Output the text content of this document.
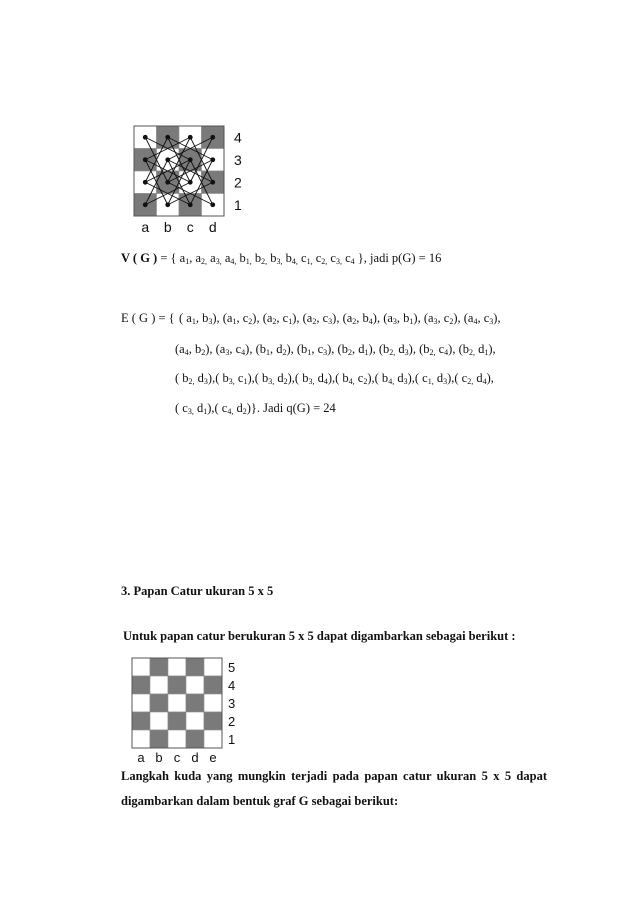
4
3
2
1
a b c d
V ( G ) = { $a_1$, $a_{2,}$ $a_{3,}$ $a_{4,}$ $b_{1,}$ $b_{2,}$ $b_{3,}$ $b_{4,}$ $c_{1,}$ $c_{2,}$ $c_{3,}$ $c_4$ }, jadi p(G) = 16
E ( G ) = { ( $a_1$, $b_3$), ($a_1$, $c_2$), ($a_2$, $c_1$), ($a_2$, $c_3$), ($a_2$, $b_4$), ($a_3$, $b_1$), ($a_3$, $c_2$), ($a_4$, $c_3$),
($a_4$, $b_2$), ($a_3$, $c_4$), ($b_1$, $d_2$), ($b_1$, $c_3$), ($b_2$, $d_1$), ($b_{2,}$ $d_3$), ($b_{2,}$ $c_4$), ($b_{2,}$ $d_1$),
( $b_{2,}$ $d_3$),( $b_{3,}$ $c_1$),( $b_{3,}$ $d_2$),( $b_{3,}$ $d_4$),( $b_{4,}$ $c_2$),( $b_{4,}$ $d_3$),( $c_{1,}$ $d_3$),( $c_{2,}$ $d_4$),
( $c_{3,}$ $d_1$),( $c_{4,}$ $d_2$)}. Jadi q(G) = 24
3. Papan Catur ukuran 5 x 5
Untuk papan catur berukuran 5 x 5 dapat digambarkan sebagai berikut :
5
4
3
2
1
a b c d e
Langkah kuda yang mungkin terjadi pada papan catur ukuran 5 x 5 dapat
digambarkan dalam bentuk graf G sebagai berikut:
